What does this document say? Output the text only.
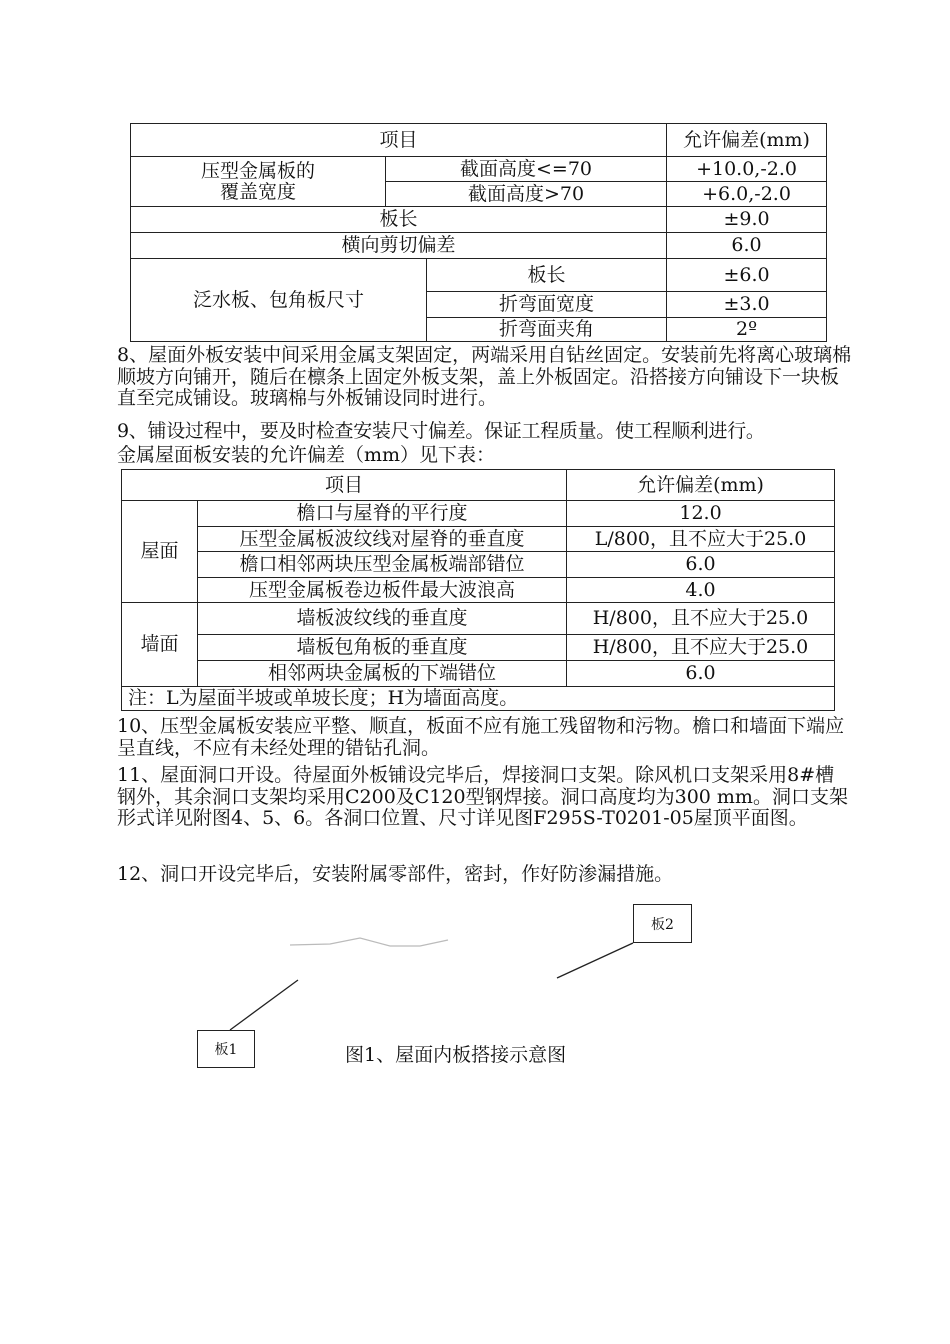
项目			允许偏差(mm)
压型金属板的
覆盖宽度	截面高度<=70		+10.0,-2.0
	截面高度>70		+6.0,-2.0
板长			±9.0
横向剪切偏差			6.0
泛水板、包角板尺寸		板长	±6.0
		折弯面宽度	±3.0
		折弯面夹角	2º
8、屋面外板安装中间采用金属支架固定，两端采用自钻丝固定。安装前先将离心玻璃棉顺坡方向铺开，随后在檩条上固定外板支架，盖上外板固定。沿搭接方向铺设下一块板直至完成铺设。玻璃棉与外板铺设同时进行。
9、铺设过程中，要及时检查安装尺寸偏差。保证工程质量。使工程顺利进行。
金属屋面板安装的允许偏差（mm）见下表：
项目		允许偏差(mm)
屋面	檐口与屋脊的平行度	12.0
	压型金属板波纹线对屋脊的垂直度	L/800，且不应大于25.0
	檐口相邻两块压型金属板端部错位	6.0
	压型金属板卷边板件最大波浪高	4.0
墙面	墙板波纹线的垂直度	H/800，且不应大于25.0
	墙板包角板的垂直度	H/800，且不应大于25.0
	相邻两块金属板的下端错位	6.0
注：L为屋面半坡或单坡长度；H为墙面高度。		
10、压型金属板安装应平整、顺直，板面不应有施工残留物和污物。檐口和墙面下端应呈直线，不应有未经处理的错钻孔洞。
11、屋面洞口开设。待屋面外板铺设完毕后，焊接洞口支架。除风机口支架采用8#槽钢外，其余洞口支架均采用C200及C120型钢焊接。洞口高度均为300 mm。洞口支架形式详见附图4、5、6。各洞口位置、尺寸详见图F295S-T0201-05屋顶平面图。
12、洞口开设完毕后，安装附属零部件，密封，作好防渗漏措施。
板2
板1	图1、屋面内板搭接示意图
